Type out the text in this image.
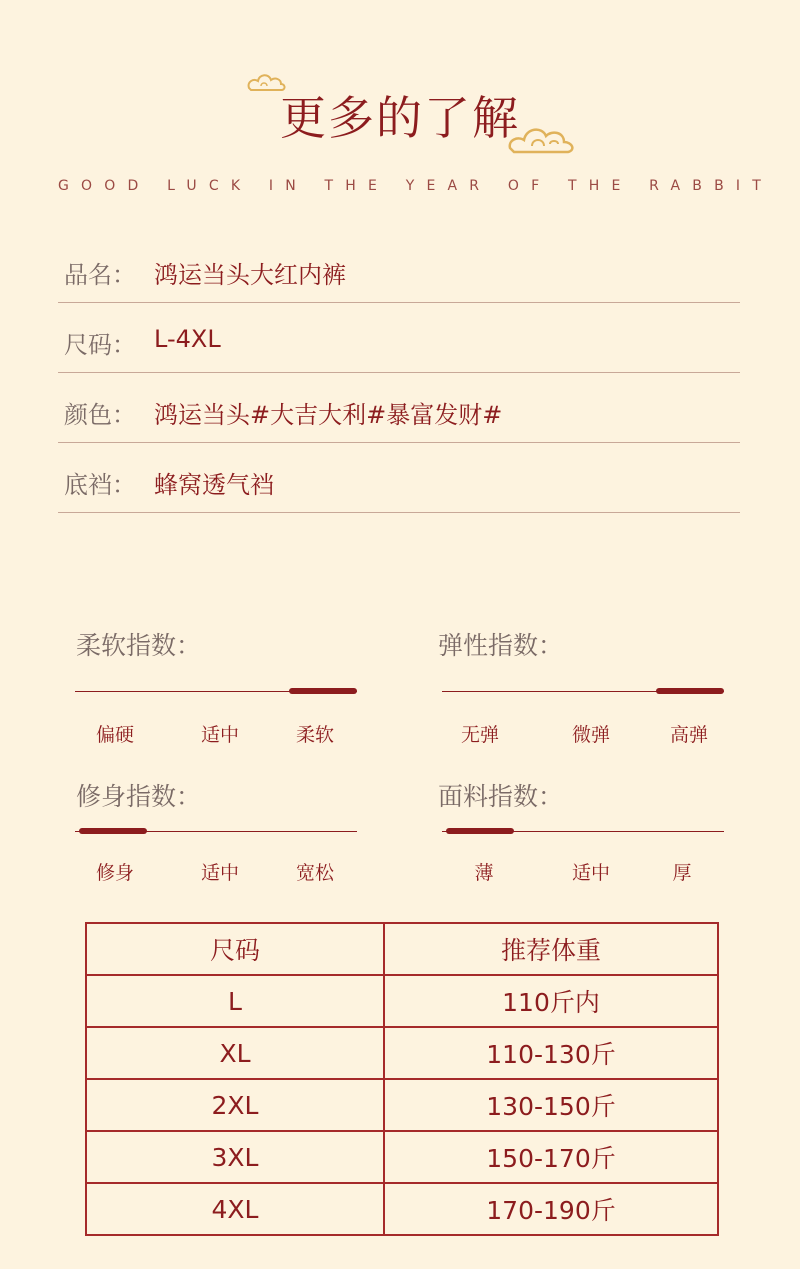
更多的了解
GOOD LUCK IN THE YEAR OF THE RABBIT
品名： 鸿运当头大红内裤
尺码： L-4XL
颜色： 鸿运当头#大吉大利#暴富发财#
底裆： 蜂窝透气裆
柔软指数：
偏硬	适中	柔软
弹性指数：
无弹	微弹	高弹
修身指数：
修身	适中	宽松
面料指数：
薄	适中	厚
尺码	推荐体重
L	110斤内
XL	110-130斤
2XL	130-150斤
3XL	150-170斤
4XL	170-190斤
